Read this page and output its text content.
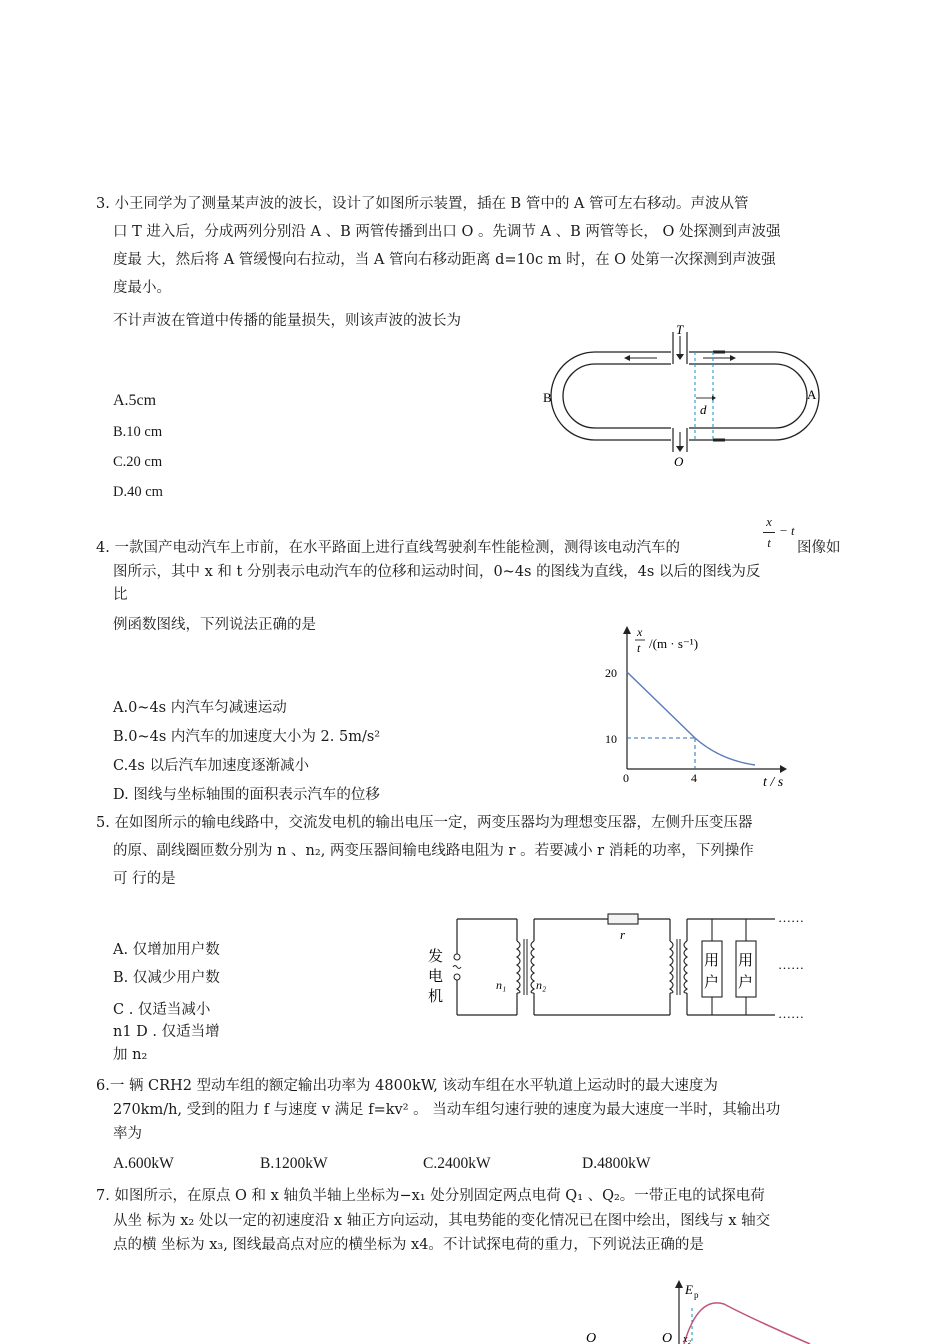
3. 小王同学为了测量某声波的波长，设计了如图所示装置，插在 B 管中的 A 管可左右移动。声波从管
口 T 进入后，分成两列分别沿 A 、B 两管传播到出口 O 。先调节 A 、B 两管等长， O 处探测到声波强
度最 大，然后将 A 管缓慢向右拉动，当 A 管向右移动距离 d=10c m 时，在 O 处第一次探测到声波强
度最小。
不计声波在管道中传播的能量损失，则该声波的波长为
A.5cm
B.10 cm
C.20 cm
D.40 cm
d
T
O
B	A
4. 一款国产电动汽车上市前，在水平路面上进行直线驾驶刹车性能检测，测得该电动汽车的
x
t
− t
图像如
图所示，其中 x 和 t 分别表示电动汽车的位移和运动时间，0~4s 的图线为直线，4s 以后的图线为反
比
例函数图线，下列说法正确的是
A.0~4s 内汽车匀减速运动
B.0~4s 内汽车的加速度大小为 2. 5m/s²
C.4s 以后汽车加速度逐渐减小
D. 图线与坐标轴围的面积表示汽车的位移
x
t /(m · s⁻¹)
t / s
20
10
0	4
5. 在如图所示的输电线路中，交流发电机的输出电压一定，两变压器均为理想变压器，左侧升压变压器
的原、副线圈匝数分别为 n 、n₂, 两变压器间输电线路电阻为 r 。若要减小 r 消耗的功率，下列操作
可 行的是
A. 仅增加用户数
B. 仅减少用户数
C . 仅适当减小
n1 D . 仅适当增
加 n₂
发
电
机
n₁ n₂
r
用
户
用
户
……
……
……
6.一 辆 CRH2 型动车组的额定输出功率为 4800kW, 该动车组在水平轨道上运动时的最大速度为
270km/h, 受到的阻力 f 与速度 v 满足 f=kv² 。 当动车组匀速行驶的速度为最大速度一半时，其输出功
率为
A.600kW	B.1200kW	C.2400kW	D.4800kW
7. 如图所示，在原点 O 和 x 轴负半轴上坐标为−x₁ 处分别固定两点电荷 Q₁ 、Q₂。一带正电的试探电荷
从坐 标为 x₂ 处以一定的初速度沿 x 轴正方向运动，其电势能的变化情况已在图中绘出，图线与 x 轴交
点的横 坐标为 x₃, 图线最高点对应的横坐标为 x4。不计试探电荷的重力，下列说法正确的是
E p
O	O x₂
